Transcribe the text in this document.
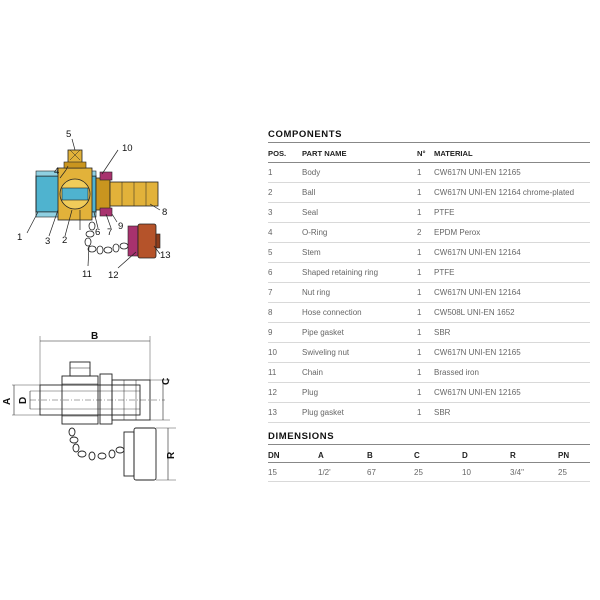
5
4
10
8
1 3 2
6 7
9
11 12
13
B
C
A D
R
COMPONENTS
POS. PART NAME	N° MATERIAL
1	Body	1 CW617N UNI-EN 12165
2	Ball	1 CW617N UNI-EN 12164 chrome-plated
3	Seal	1 PTFE
4	O-Ring	2 EPDM Perox
5	Stem	1 CW617N UNI-EN 12164
6	Shaped retaining ring	1 PTFE
7	Nut ring	1 CW617N UNI-EN 12164
8	Hose connection	1 CW508L UNI-EN 1652
9	Pipe gasket	1 SBR
10	Swiveling nut	1 CW617N UNI-EN 12165
11	Chain	1 Brassed iron
12	Plug	1 CW617N UNI-EN 12165
13	Plug gasket	1 SBR
DIMENSIONS
DN	A	B	C	D	R	PN
15	1/2'	67	25	10	3/4"	25
